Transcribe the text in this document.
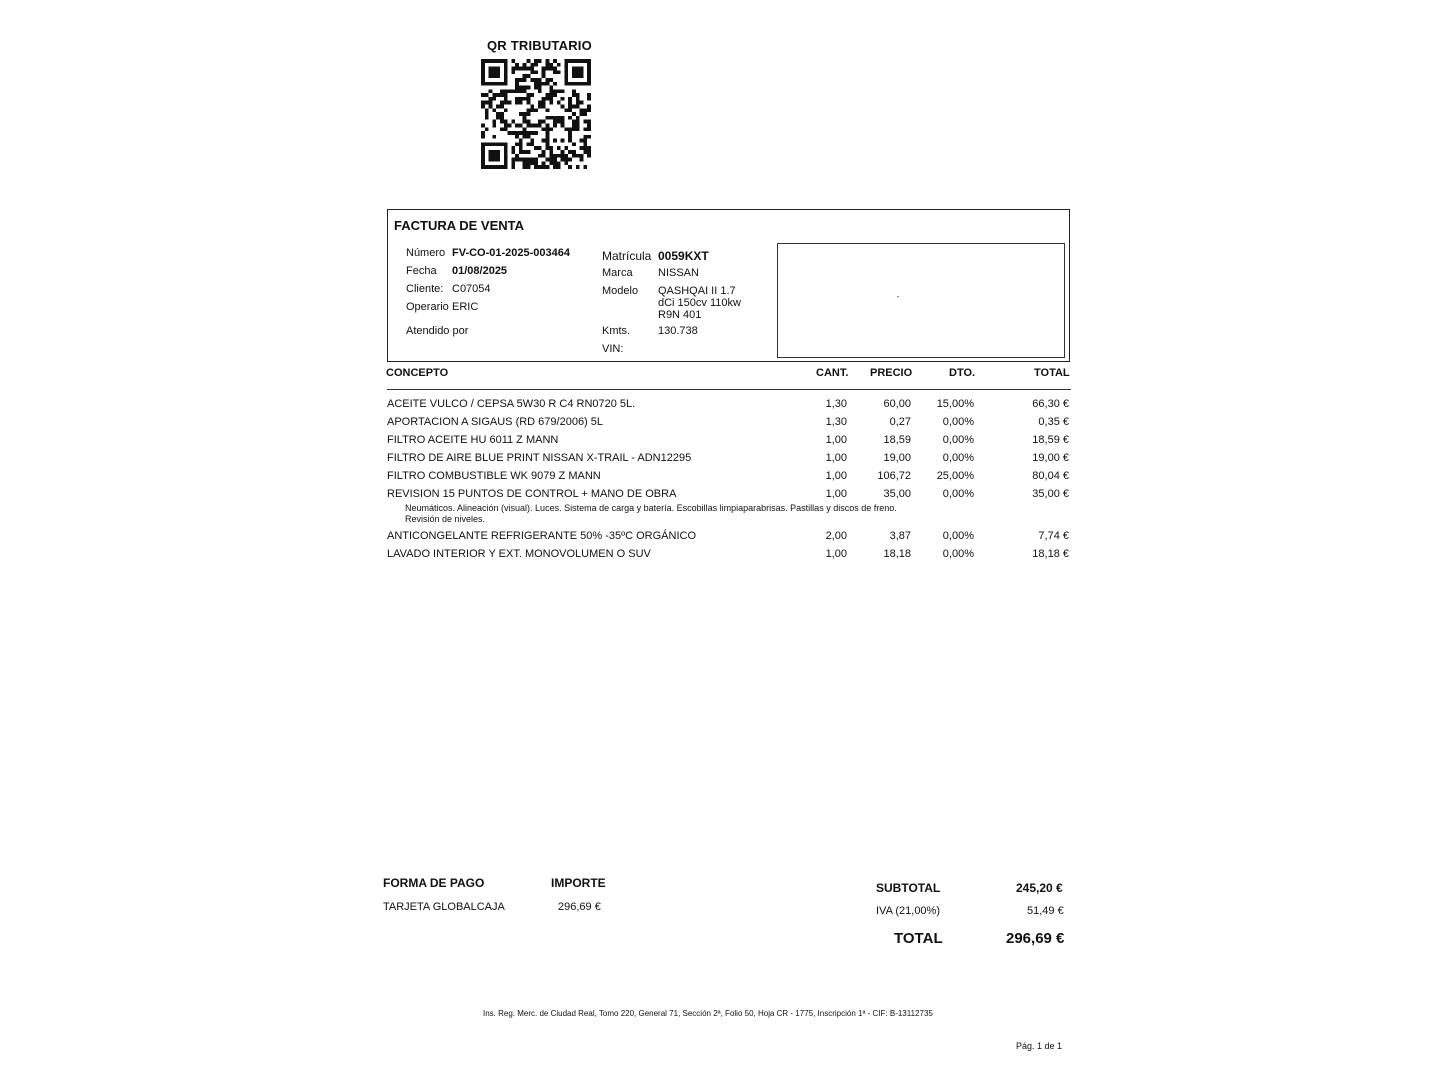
QR TRIBUTARIO
FACTURA DE VENTA
Número FV-CO-01-2025-003464
Fecha 01/08/2025
Cliente: C07054
Operario ERIC
Atendido por
Matrícula 0059KXT
Marca NISSAN
Modelo QASHQAI II 1.7
dCi 150cv 110kw
R9N 401
Kmts.	130.738
VIN:
CONCEPTO	CANT. PRECIO	DTO.	TOTAL
ACEITE VULCO / CEPSA 5W30 R C4 RN0720 5L.	1,30	60,00 15,00%	66,30 €
APORTACION A SIGAUS (RD 679/2006) 5L	1,30	0,27	0,00%	0,35 €
FILTRO ACEITE HU 6011 Z MANN	1,00	18,59	0,00%	18,59 €
FILTRO DE AIRE BLUE PRINT NISSAN X-TRAIL - ADN12295	1,00	19,00	0,00%	19,00 €
FILTRO COMBUSTIBLE WK 9079 Z MANN	1,00	106,72 25,00%	80,04 €
REVISION 15 PUNTOS DE CONTROL + MANO DE OBRA	1,00	35,00	0,00%	35,00 €
Neumáticos. Alineación (visual). Luces. Sistema de carga y batería. Escobillas limpiaparabrisas. Pastillas y discos de freno.
Revisión de niveles.
ANTICONGELANTE REFRIGERANTE 50% -35ºC ORGÁNICO	2,00	3,87	0,00%	7,74 €
LAVADO INTERIOR Y EXT. MONOVOLUMEN O SUV	1,00	18,18	0,00%	18,18 €
FORMA DE PAGO	IMPORTE
TARJETA GLOBALCAJA	296,69 €
SUBTOTAL	245,20 €
IVA (21,00%)	51,49 €
TOTAL	296,69 €
Ins. Reg. Merc. de Ciudad Real, Tomo 220, General 71, Sección 2ª, Folio 50, Hoja CR - 1775, Inscripción 1ª - CIF: B-13112735
Pág. 1 de 1
